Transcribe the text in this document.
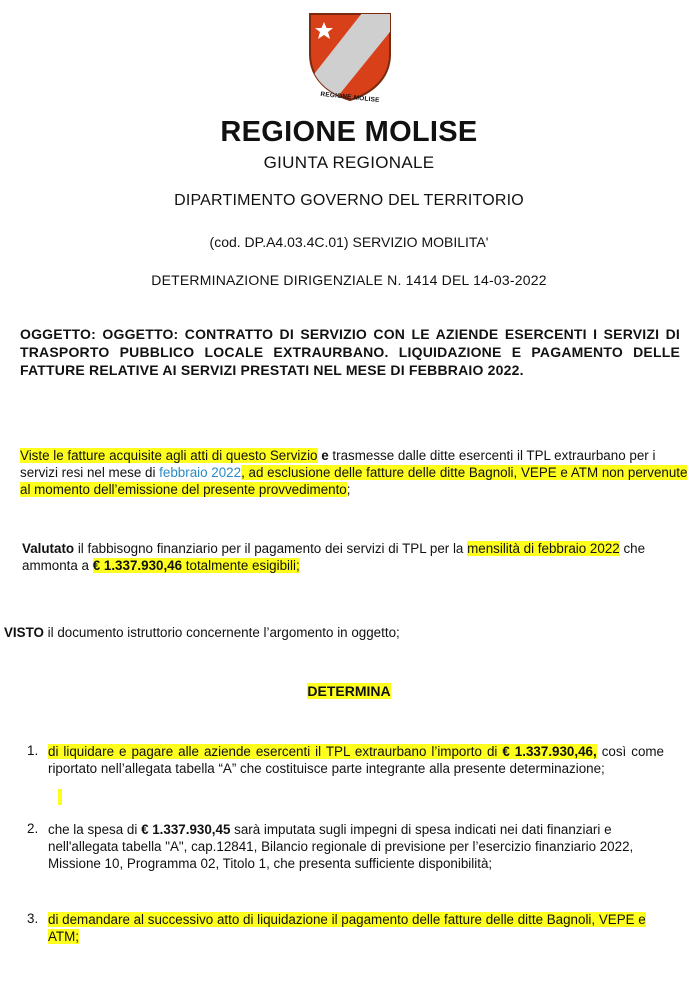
REGIONE MOLISE
REGIONE MOLISE
GIUNTA REGIONALE
DIPARTIMENTO GOVERNO DEL TERRITORIO
(cod. DP.A4.03.4C.01) SERVIZIO MOBILITA'
DETERMINAZIONE DIRIGENZIALE N. 1414 DEL 14-03-2022
OGGETTO: OGGETTO: CONTRATTO DI SERVIZIO CON LE AZIENDE ESERCENTI I SERVIZI DI TRASPORTO PUBBLICO LOCALE EXTRAURBANO. LIQUIDAZIONE E PAGAMENTO DELLE FATTURE RELATIVE AI SERVIZI PRESTATI NEL MESE DI FEBBRAIO 2022.
Viste le fatture acquisite agli atti di questo Servizio e trasmesse dalle ditte esercenti il TPL extraurbano per i servizi resi nel mese di febbraio 2022, ad esclusione delle fatture delle ditte Bagnoli, VEPE e ATM non pervenute al momento dell’emissione del presente provvedimento;
Valutato il fabbisogno finanziario per il pagamento dei servizi di TPL per la mensilità di febbraio 2022 che ammonta a € 1.337.930,46 totalmente esigibili;
VISTO il documento istruttorio concernente l’argomento in oggetto;
DETERMINA
1. di liquidare e pagare alle aziende esercenti il TPL extraurbano l’importo di € 1.337.930,46, così come riportato nell’allegata tabella “A” che costituisce parte integrante alla presente determinazione;
2. che la spesa di € 1.337.930,45 sarà imputata sugli impegni di spesa indicati nei dati finanziari e nell'allegata tabella "A", cap.12841, Bilancio regionale di previsione per l’esercizio finanziario 2022, Missione 10, Programma 02, Titolo 1, che presenta sufficiente disponibilità;
3. di demandare al successivo atto di liquidazione il pagamento delle fatture delle ditte Bagnoli, VEPE e ATM;
